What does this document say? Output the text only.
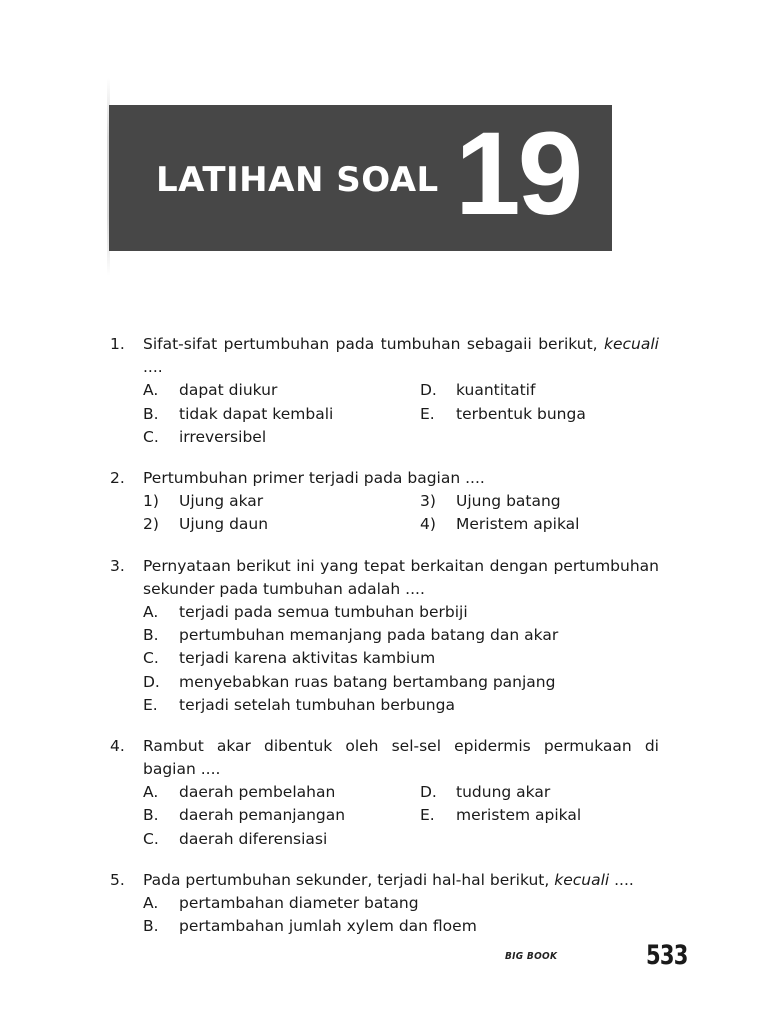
LATIHAN SOAL 19
1. Sifat-sifat pertumbuhan pada tumbuhan sebagaii berikut, kecuali ....
A. dapat diukur	D. kuantitatif
B. tidak dapat kembali	E. terbentuk bunga
C. irreversibel
2. Pertumbuhan primer terjadi pada bagian ....
1) Ujung akar	3) Ujung batang
2) Ujung daun	4) Meristem apikal
3. Pernyataan berikut ini yang tepat berkaitan dengan pertumbuhan sekunder pada tumbuhan adalah ....
A. terjadi pada semua tumbuhan berbiji
B. pertumbuhan memanjang pada batang dan akar
C. terjadi karena aktivitas kambium
D. menyebabkan ruas batang bertambang panjang
E. terjadi setelah tumbuhan berbunga
4. Rambut akar dibentuk oleh sel-sel epidermis permukaan di bagian ....
A. daerah pembelahan	D. tudung akar
B. daerah pemanjangan	E. meristem apikal
C. daerah diferensiasi
5. Pada pertumbuhan sekunder, terjadi hal-hal berikut, kecuali ....
A. pertambahan diameter batang
B. pertambahan jumlah xylem dan floem
BIG BOOK	533
